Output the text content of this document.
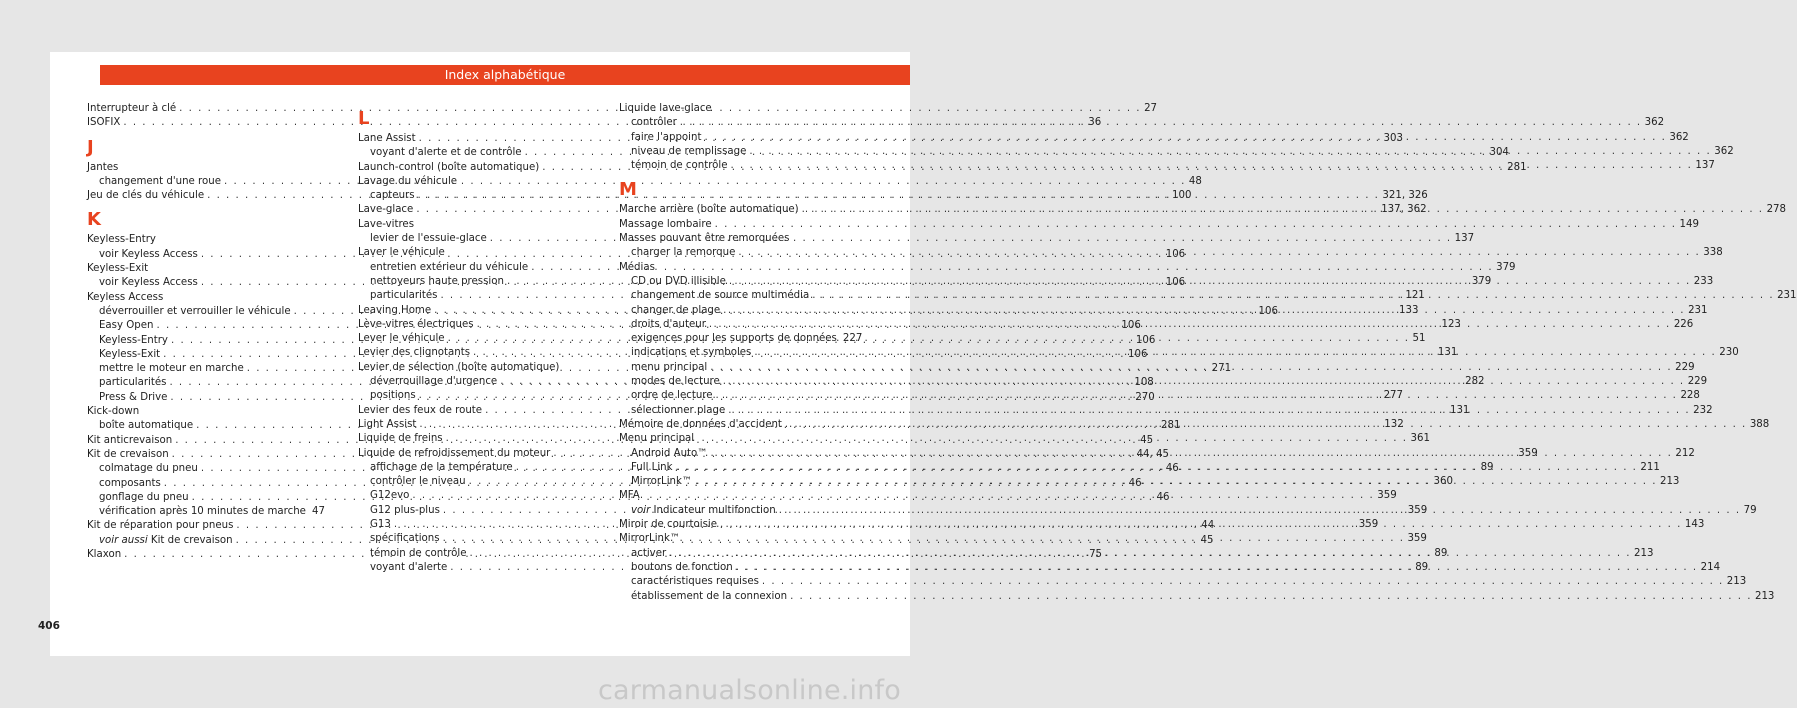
Index alphabétique
Interrupteur à clé . . .	27
ISOFIX . . .	36
J
Jantes
changement d'une roue . . .	48
Jeu de clés du véhicule . . .	100
K
Keyless-Entry
voir Keyless Access . . .	106
Keyless-Exit
voir Keyless Access . . .	106
Keyless Access
déverrouiller et verrouiller le véhicule . . .	106
Easy Open . . .	106
Keyless-Entry . . .	106
Keyless-Exit . . .	106
mettre le moteur en marche . . .	271
particularités . . .	108
Press & Drive . . .	270
Kick-down
boîte automatique . . .	281
Kit anticrevaison . . .	45
Kit de crevaison . . .	44, 45
colmatage du pneu . . .	46
composants . . .	46
gonflage du pneu . . .	46
vérification après 10 minutes de marche . . . 47
Kit de réparation pour pneus . . .	44
voir aussi Kit de crevaison . . .	45
Klaxon . . .	75
L
Lane Assist . . .	303
voyant d'alerte et de contrôle . . .	304
Launch-control (boîte automatique) . . .	281
Lavage du véhicule
capteurs . . .	321, 326
Lave-glace . . .	137, 362
Lave-vitres
levier de l'essuie-glace . . .	137
Laver le véhicule
entretien extérieur du véhicule . . .	379
nettoyeurs haute pression . . .	379
particularités . . .	121
Leaving Home . . .	133
Lève-vitres électriques . . .	123
Lever le véhicule . . .	51
Levier des clignotants . . .	131
Levier de sélection (boîte automatique)
déverrouillage d'urgence . . .	282
positions . . .	277
Levier des feux de route . . .	131
Light Assist . . .	132
Liquide de freins . . .	361
Liquide de refroidissement du moteur . . .	359
affichage de la température . . .	89
contrôler le niveau . . .	360
G12evo . . .	359
G12 plus-plus . . .	359
G13 . . .	359
spécifications . . .	359
témoin de contrôle . . .	89
voyant d'alerte . . .	89
Liquide lave-glace
contrôler . . .	362
faire l'appoint . . .	362
niveau de remplissage . . .	362
témoin de contrôle . . .	137
M
Marche arrière (boîte automatique) . . .	278
Massage lombaire . . .	149
Masses pouvant être remorquées
charger la remorque . . .	338
Médias
CD ou DVD illisible . . .	233
changement de source multimédia . . .	231
changer de plage . . .	231
droits d'auteur . . .	226
exigences pour les supports de données 227
indications et symboles . . .	230
menu principal . . .	229
modes de lecture . . .	229
ordre de lecture . . .	228
sélectionner plage . . .	232
Mémoire de données d'accident . . .	388
Menu principal
Android Auto™ . . .	212
Full Link . . .	211
MirrorLink™ . . .	213
MFA
voir Indicateur multifonction . . .	79
Miroir de courtoisie . . .	143
MirrorLink™
activer . . .	213
boutons de fonction . . .	214
caractéristiques requises . . .	213
établissement de la connexion . . .	213
406
carmanualsonline.info
